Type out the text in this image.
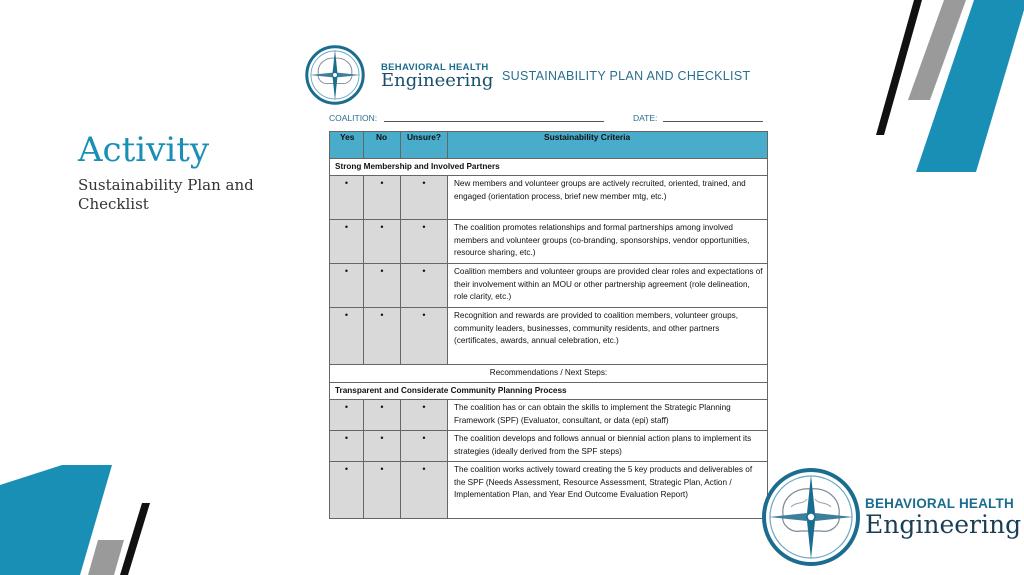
Activity
Sustainability Plan and Checklist
BEHAVIORAL HEALTH
Engineering SUSTAINABILITY PLAN AND CHECKLIST
COALITION:	DATE:
Yes	No	Unsure?	Sustainability Criteria
Strong Membership and Involved Partners			
•	•	•	New members and volunteer groups are actively recruited, oriented, trained, and engaged (orientation process, brief new member mtg, etc.)
•	•	•	The coalition promotes relationships and formal partnerships among involved members and volunteer groups (co-branding, sponsorships, vendor opportunities, resource sharing, etc.)
•	•	•	Coalition members and volunteer groups are provided clear roles and expectations of their involvement within an MOU or other partnership agreement (role delineation, role clarity, etc.)
•	•	•	Recognition and rewards are provided to coalition members, volunteer groups, community leaders, businesses, community residents, and other partners (certificates, awards, annual celebration, etc.)
Recommendations / Next Steps:			
Transparent and Considerate Community Planning Process			
•	•	•	The coalition has or can obtain the skills to implement the Strategic Planning Framework (SPF) (Evaluator, consultant, or data (epi) staff)
•	•	•	The coalition develops and follows annual or biennial action plans to implement its strategies (ideally derived from the SPF steps)
•	•	•	The coalition works actively toward creating the 5 key products and deliverables of the SPF (Needs Assessment, Resource Assessment, Strategic Plan, Action / Implementation Plan, and Year End Outcome Evaluation Report)
BEHAVIORAL HEALTH
Engineering
